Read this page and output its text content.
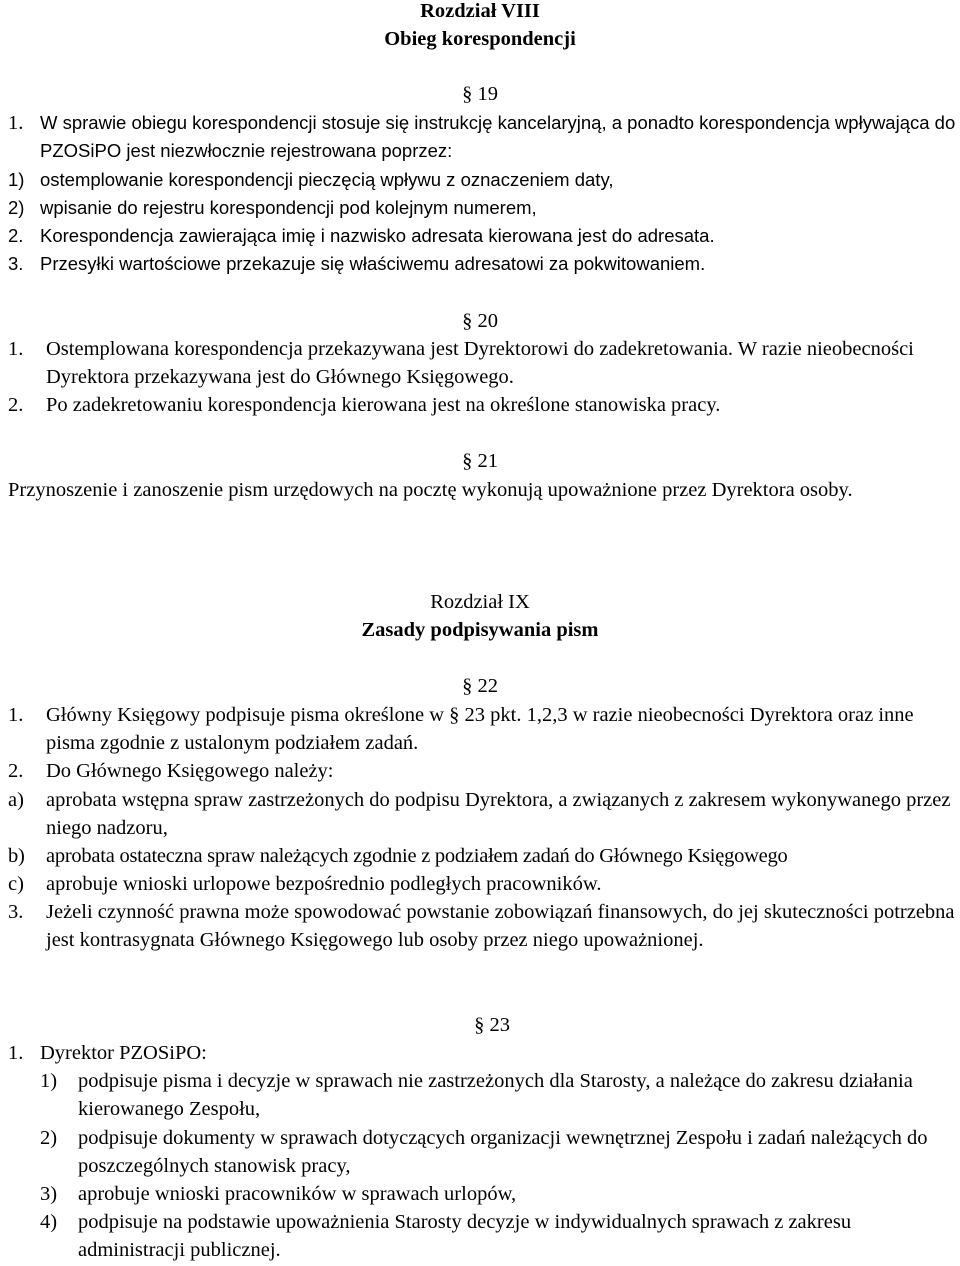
Rozdział VIII
Obieg korespondencji
§ 19
1. W sprawie obiegu korespondencji stosuje się instrukcję kancelaryjną, a ponadto korespondencja wpływająca do PZOSiPO jest niezwłocznie rejestrowana poprzez:
1) ostemplowanie korespondencji pieczęcią wpływu z oznaczeniem daty,
2) wpisanie do rejestru korespondencji pod kolejnym numerem,
2. Korespondencja zawierająca imię i nazwisko adresata kierowana jest do adresata.
3. Przesyłki wartościowe przekazuje się właściwemu adresatowi za pokwitowaniem.
§ 20
1. Ostemplowana korespondencja przekazywana jest Dyrektorowi do zadekretowania. W razie nieobecności Dyrektora przekazywana jest do Głównego Księgowego.
2. Po zadekretowaniu korespondencja kierowana jest na określone stanowiska pracy.
§ 21
Przynoszenie i zanoszenie pism urzędowych na pocztę wykonują upoważnione przez Dyrektora osoby.
Rozdział IX
Zasady podpisywania pism
§ 22
1. Główny Księgowy podpisuje pisma określone w § 23 pkt. 1,2,3 w razie nieobecności Dyrektora oraz inne pisma zgodnie z ustalonym podziałem zadań.
2. Do Głównego Księgowego należy:
a) aprobata wstępna spraw zastrzeżonych do podpisu Dyrektora, a związanych z zakresem wykonywanego przez niego nadzoru,
b) aprobata ostateczna spraw należących zgodnie z podziałem zadań do Głównego Księgowego
c) aprobuje wnioski urlopowe bezpośrednio podległych pracowników.
3. Jeżeli czynność prawna może spowodować powstanie zobowiązań finansowych, do jej skuteczności potrzebna jest kontrasygnata Głównego Księgowego lub osoby przez niego upoważnionej.
§ 23
1. Dyrektor PZOSiPO:
1) podpisuje pisma i decyzje w sprawach nie zastrzeżonych dla Starosty, a należące do zakresu działania kierowanego Zespołu,
2) podpisuje dokumenty w sprawach dotyczących organizacji wewnętrznej Zespołu i zadań należących do poszczególnych stanowisk pracy,
3) aprobuje wnioski pracowników w sprawach urlopów,
4) podpisuje na podstawie upoważnienia Starosty decyzje w indywidualnych sprawach z zakresu administracji publicznej.
